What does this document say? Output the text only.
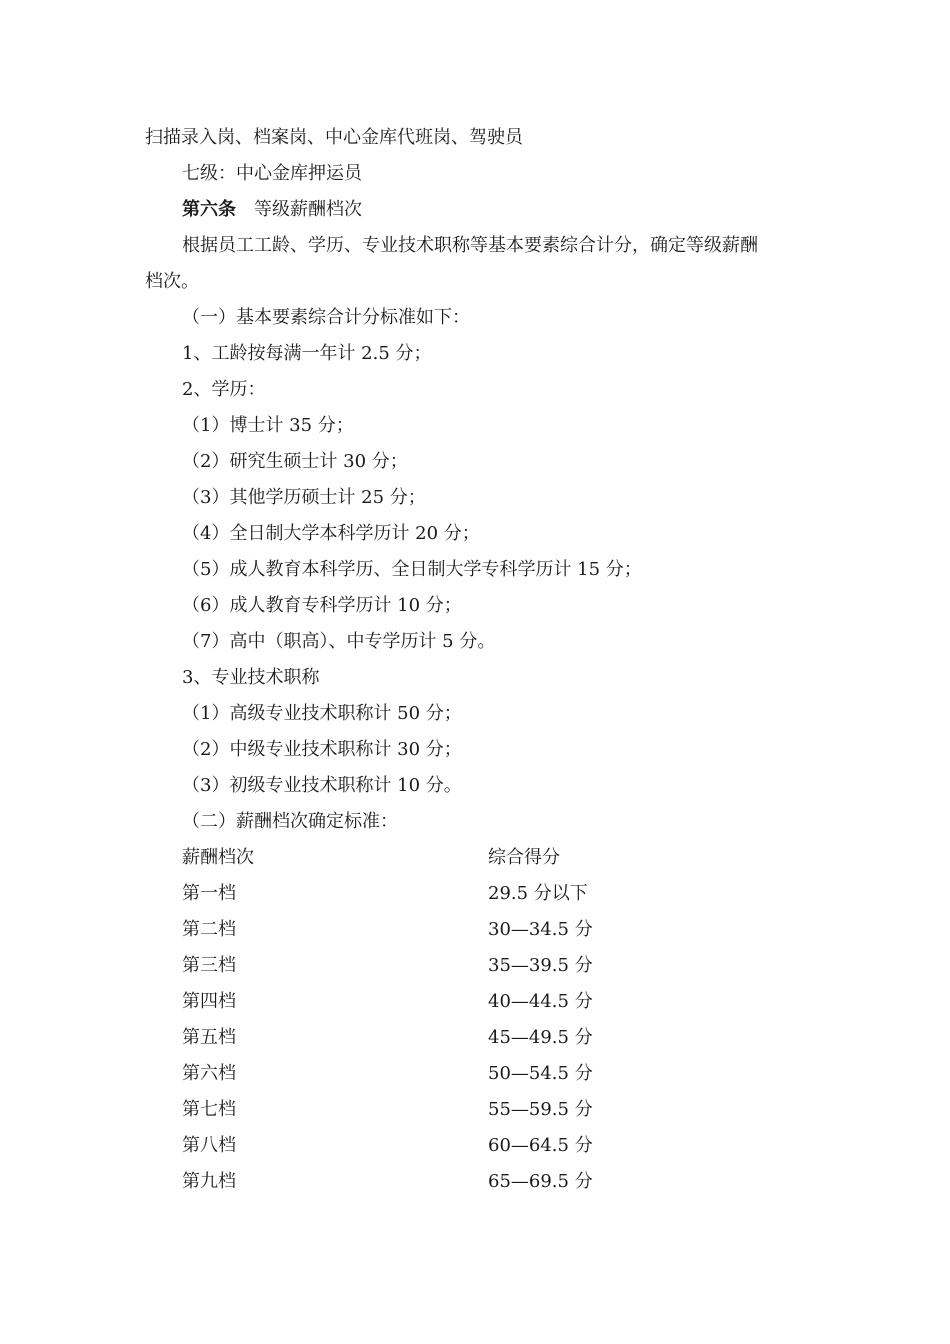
扫描录入岗、档案岗、中心金库代班岗、驾驶员
七级：中心金库押运员
第六条 等级薪酬档次
根据员工工龄、学历、专业技术职称等基本要素综合计分，确定等级薪酬
档次。
（一）基本要素综合计分标准如下：
1、工龄按每满一年计 2.5 分；
2、学历：
（1）博士计 35 分；
（2）研究生硕士计 30 分；
（3）其他学历硕士计 25 分；
（4）全日制大学本科学历计 20 分；
（5）成人教育本科学历、全日制大学专科学历计 15 分；
（6）成人教育专科学历计 10 分；
（7）高中（职高）、中专学历计 5 分。
3、专业技术职称
（1）高级专业技术职称计 50 分；
（2）中级专业技术职称计 30 分；
（3）初级专业技术职称计 10 分。
（二）薪酬档次确定标准：
薪酬档次	综合得分
第一档	29.5 分以下
第二档	30—34.5 分
第三档	35—39.5 分
第四档	40—44.5 分
第五档	45—49.5 分
第六档	50—54.5 分
第七档	55—59.5 分
第八档	60—64.5 分
第九档	65—69.5 分
